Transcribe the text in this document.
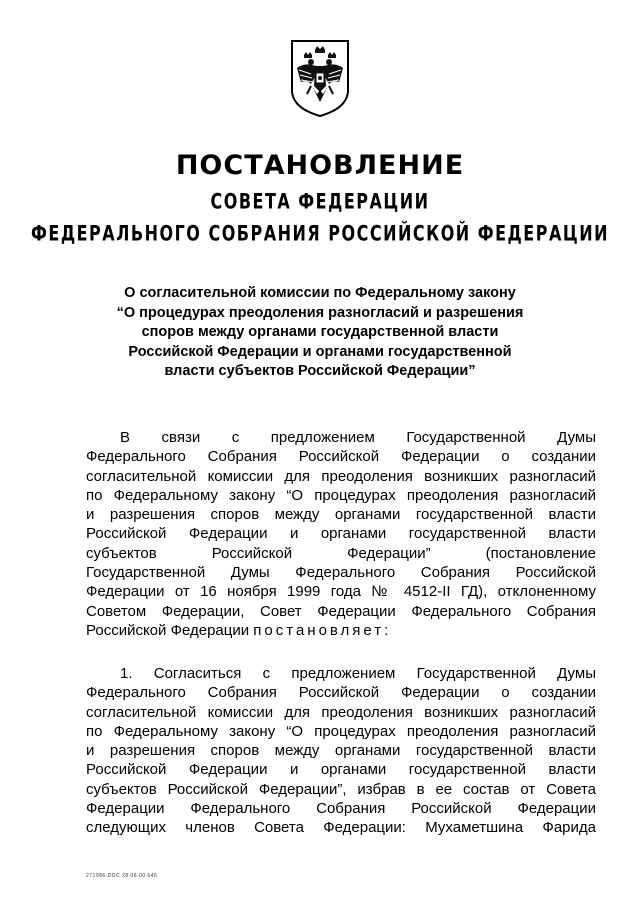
ПОСТАНОВЛЕНИЕ
СОВЕТА ФЕДЕРАЦИИ
ФЕДЕРАЛЬНОГО СОБРАНИЯ РОССИЙСКОЙ ФЕДЕРАЦИИ
О согласительной комиссии по Федеральному закону
“О процедурах преодоления разногласий и разрешения
споров между органами государственной власти
Российской Федерации и органами государственной
власти субъектов Российской Федерации”
В связи с предложением Государственной Думы
Федерального Собрания Российской Федерации о создании
согласительной комиссии для преодоления возникших разногласий
по Федеральному закону “О процедурах преодоления разногласий
и разрешения споров между органами государственной власти
Российской Федерации и органами государственной власти
субъектов Российской Федерации” (постановление
Государственной Думы Федерального Собрания Российской
Федерации от 16 ноября 1999 года № 4512-II ГД), отклоненному
Советом Федерации, Совет Федерации Федерального Собрания
Российской Федерации постановляет:
1. Согласиться с предложением Государственной Думы
Федерального Собрания Российской Федерации о создании
согласительной комиссии для преодоления возникших разногласий
по Федеральному закону “О процедурах преодоления разногласий
и разрешения споров между органами государственной власти
Российской Федерации и органами государственной власти
субъектов Российской Федерации”, избрав в ее состав от Совета
Федерации Федерального Собрания Российской Федерации
следующих членов Совета Федерации: Мухаметшина Фарида
271086.DOC 28.06.00 645
